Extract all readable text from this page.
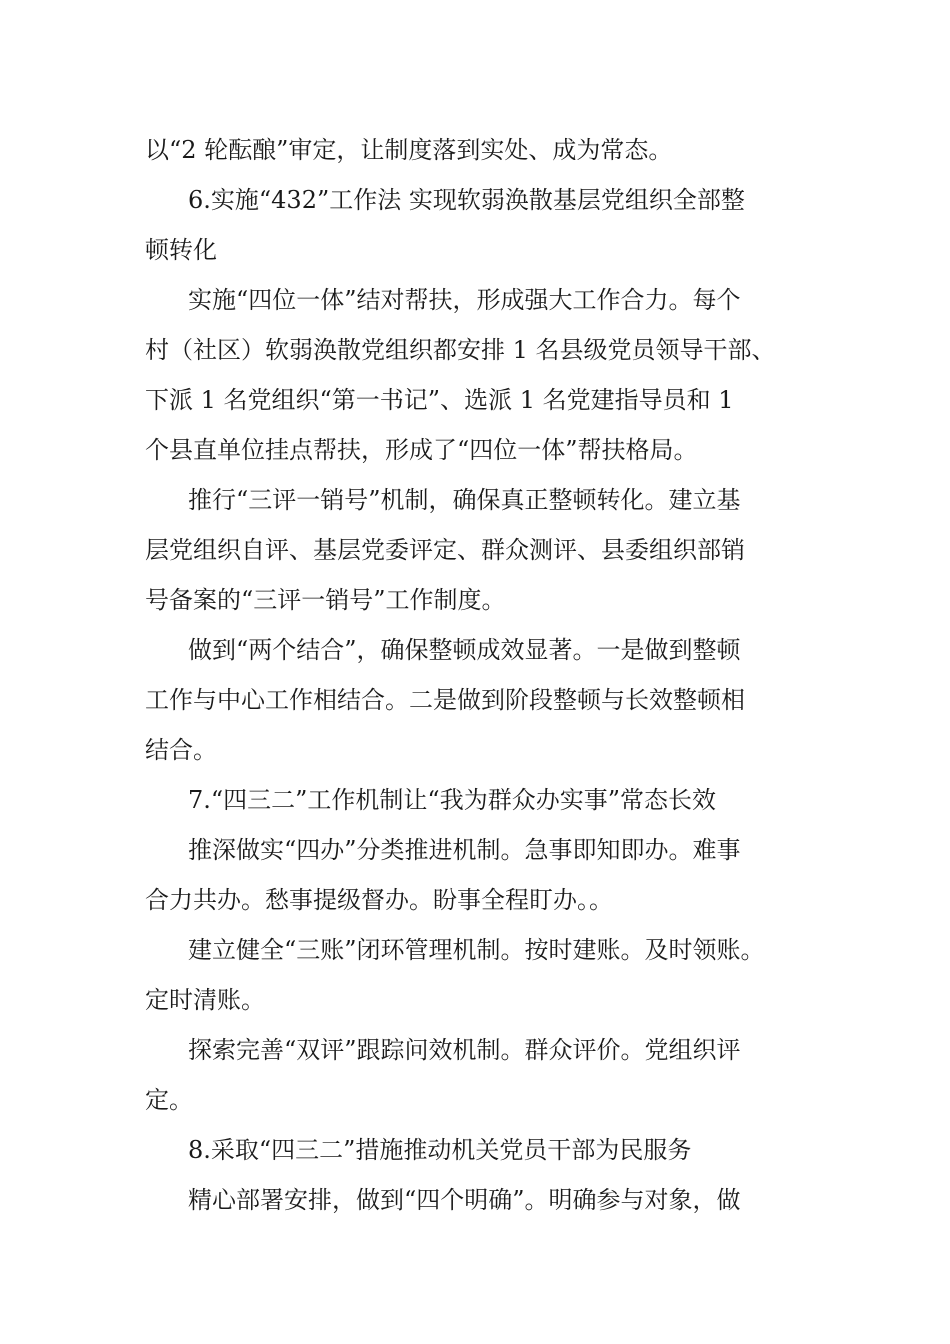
以“2 轮酝酿”审定，让制度落到实处、成为常态。
6.实施“432”工作法 实现软弱涣散基层党组织全部整
顿转化
实施“四位一体”结对帮扶，形成强大工作合力。每个
村（社区）软弱涣散党组织都安排 1 名县级党员领导干部、
下派 1 名党组织“第一书记”、选派 1 名党建指导员和 1
个县直单位挂点帮扶，形成了“四位一体”帮扶格局。
推行“三评一销号”机制，确保真正整顿转化。建立基
层党组织自评、基层党委评定、群众测评、县委组织部销
号备案的“三评一销号”工作制度。
做到“两个结合”，确保整顿成效显著。一是做到整顿
工作与中心工作相结合。二是做到阶段整顿与长效整顿相
结合。
7.“四三二”工作机制让“我为群众办实事”常态长效
推深做实“四办”分类推进机制。急事即知即办。难事
合力共办。愁事提级督办。盼事全程盯办。。
建立健全“三账”闭环管理机制。按时建账。及时领账。
定时清账。
探索完善“双评”跟踪问效机制。群众评价。党组织评
定。
8.采取“四三二”措施推动机关党员干部为民服务
精心部署安排，做到“四个明确”。明确参与对象，做
